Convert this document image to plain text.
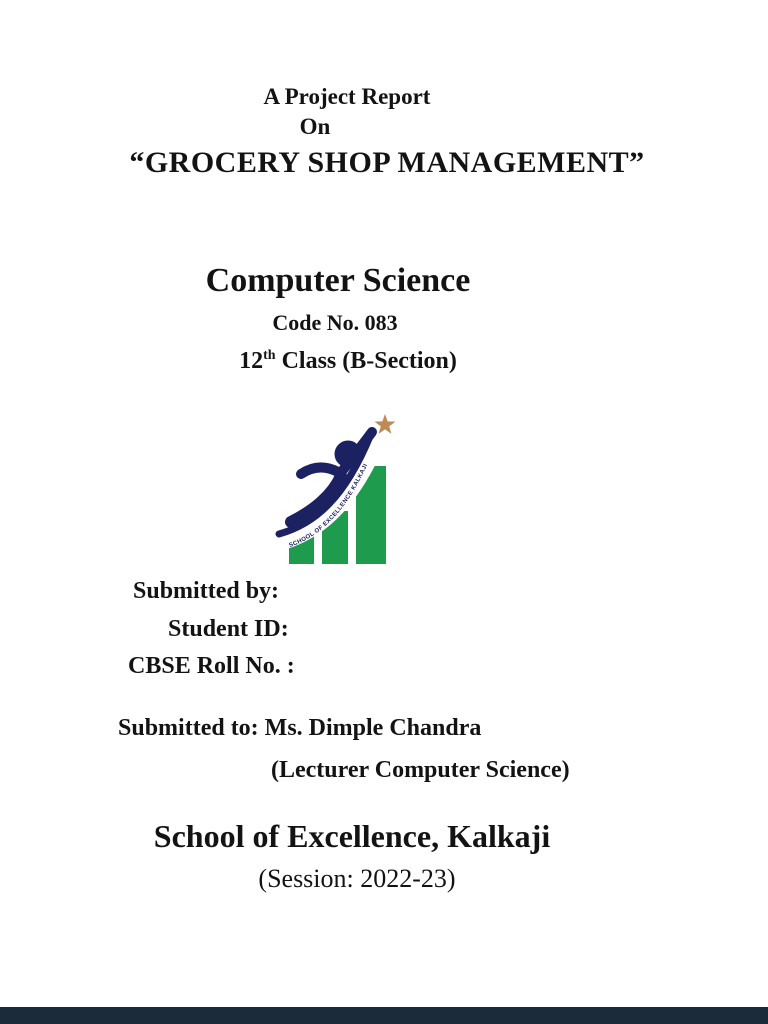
A Project Report
On
“GROCERY SHOP MANAGEMENT”
Computer Science
Code No. 083
12th Class (B-Section)
SCHOOL OF EXCELLENCE KALKAJI
Submitted by:
Student ID:
CBSE Roll No. :
Submitted to: Ms. Dimple Chandra
(Lecturer Computer Science)
School of Excellence, Kalkaji
(Session: 2022-23)
